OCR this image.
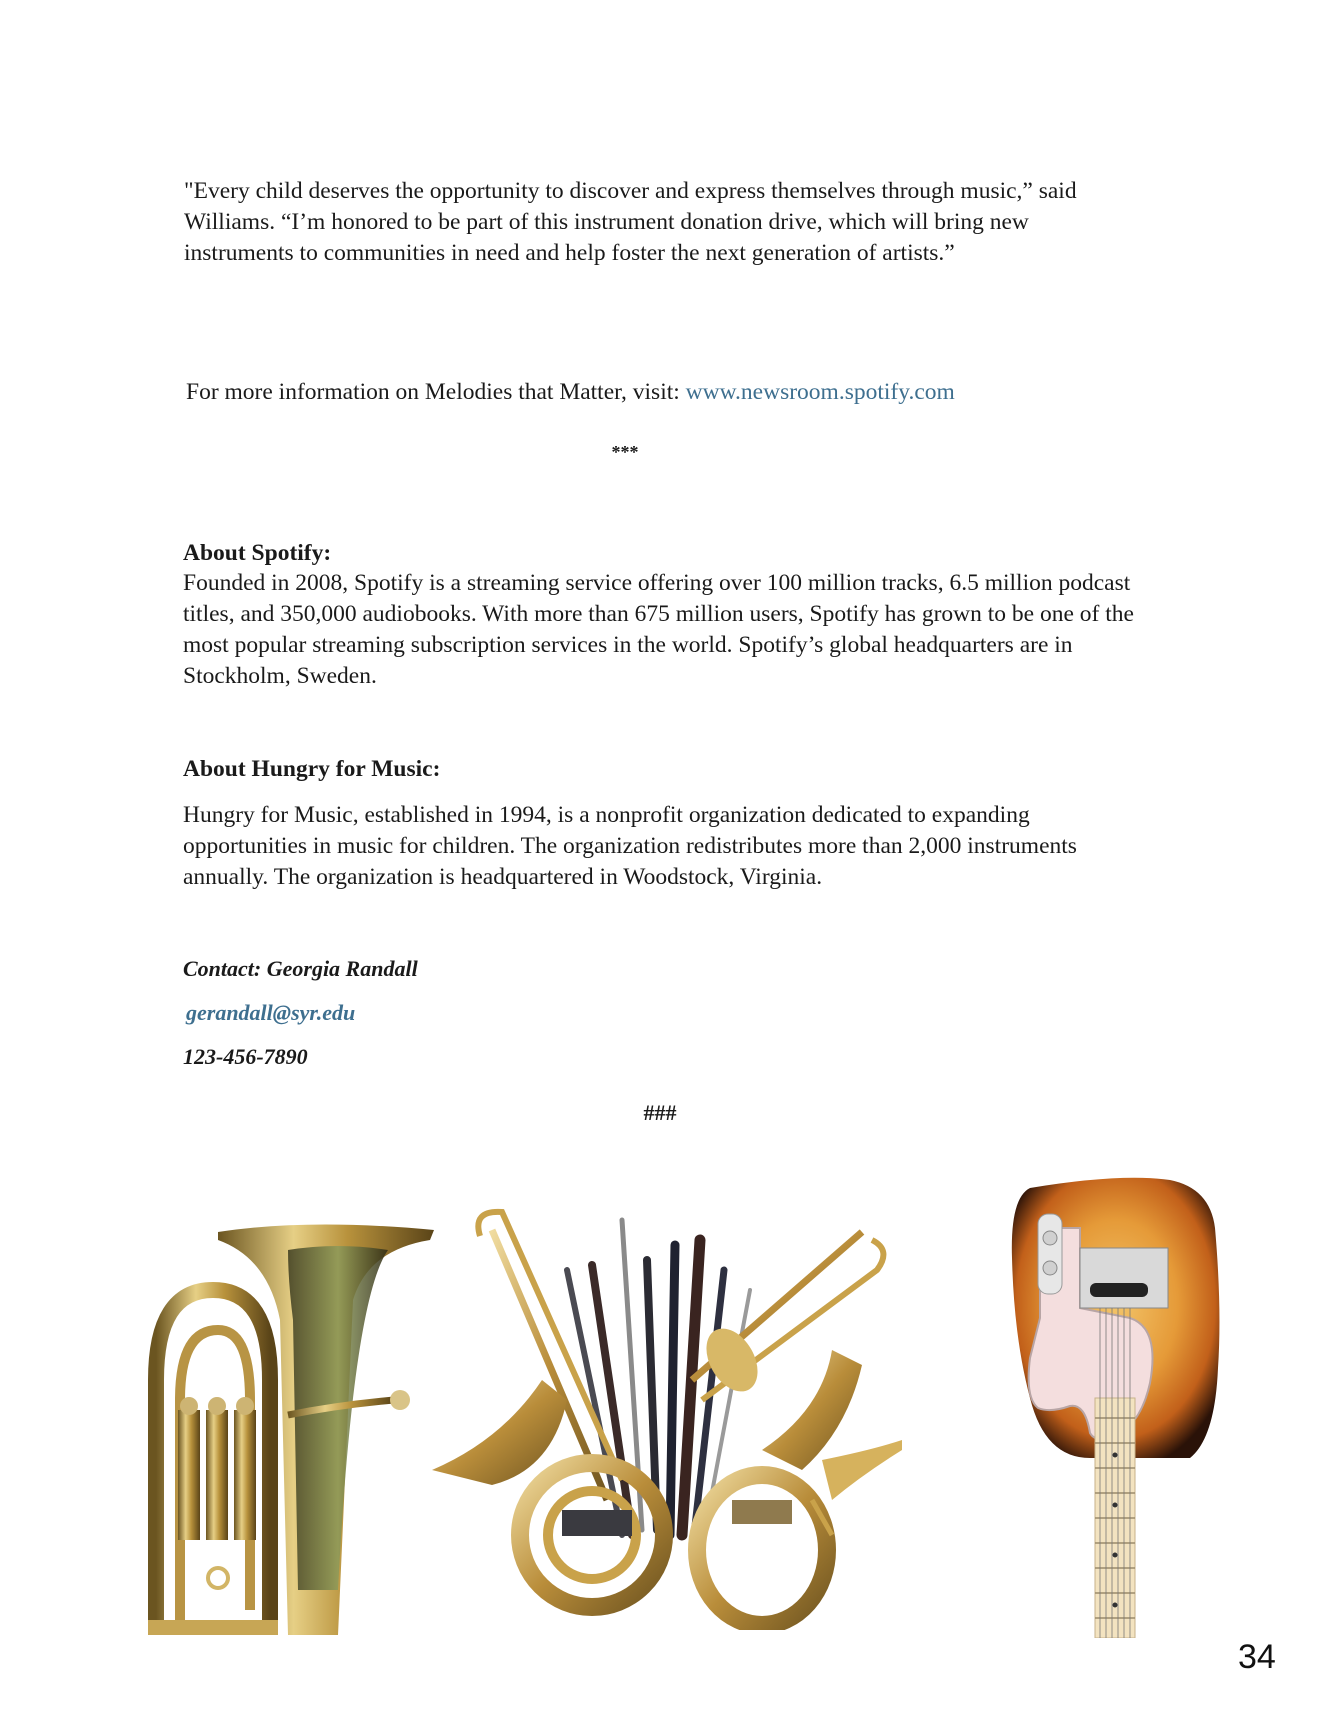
"Every child deserves the opportunity to discover and express themselves through music,” said Williams. “I’m honored to be part of this instrument donation drive, which will bring new instruments to communities in need and help foster the next generation of artists.”

For more information on Melodies that Matter, visit: www.newsroom.spotify.com

***
About Spotify:

Founded in 2008, Spotify is a streaming service offering over 100 million tracks, 6.5 million podcast titles, and 350,000 audiobooks. With more than 675 million users, Spotify has grown to be one of the most popular streaming subscription services in the world. Spotify’s global headquarters are in Stockholm, Sweden.

About Hungry for Music:

Hungry for Music, established in 1994, is a nonprofit organization dedicated to expanding opportunities in music for children. The organization redistributes more than 2,000 instruments annually. The organization is headquartered in Woodstock, Virginia.

Contact: Georgia Randall
gerandall@syr.edu
123-456-7890
###
34
